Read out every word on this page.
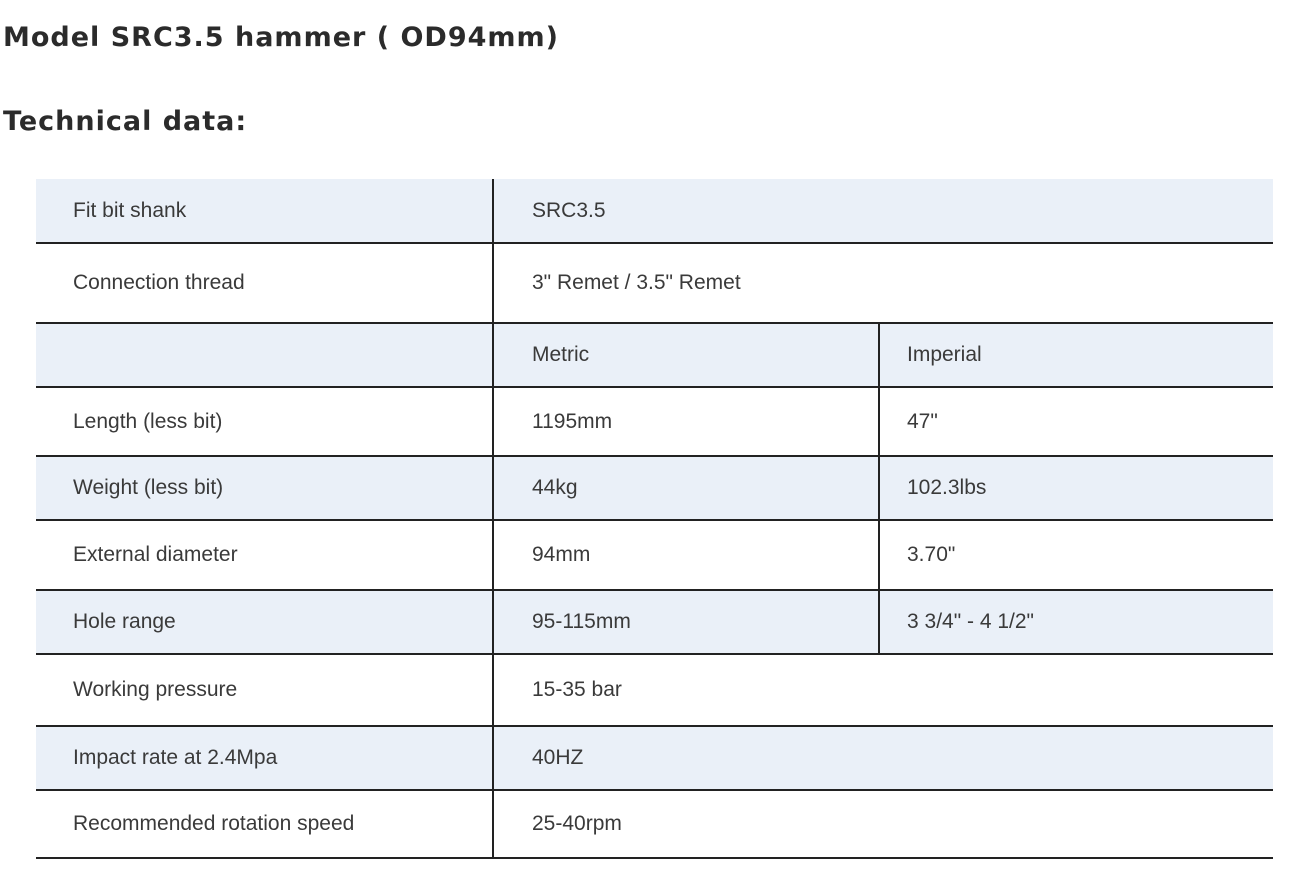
Model SRC3.5 hammer ( OD94mm)
Technical data:
Fit bit shank	SRC3.5	
Connection thread	3" Remet / 3.5" Remet	
	Metric	Imperial
Length (less bit)	1195mm	47"
Weight (less bit)	44kg	102.3lbs
External diameter	94mm	3.70"
Hole range	95-115mm	3 3/4" - 4 1/2"
Working pressure	15-35 bar	
Impact rate at 2.4Mpa	40HZ	
Recommended rotation speed	25-40rpm	
